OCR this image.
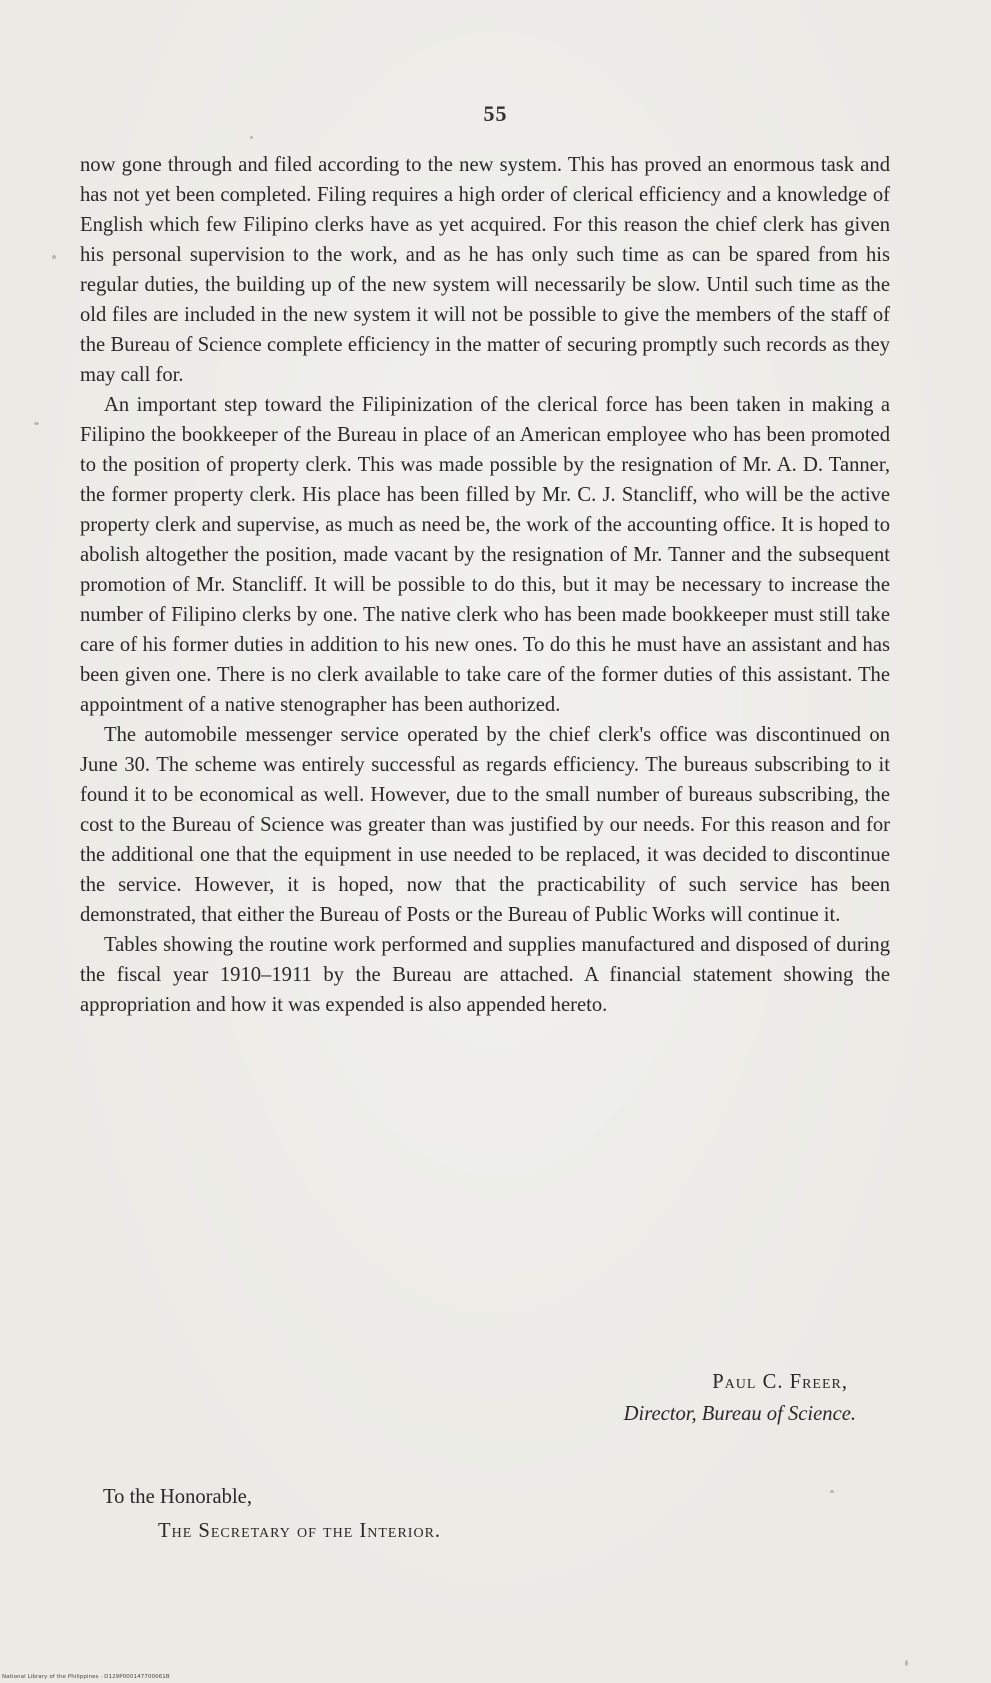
55

now gone through and filed according to the new system. This has proved an enormous task and has not yet been completed. Filing requires a high order of clerical efficiency and a knowledge of English which few Filipino clerks have as yet acquired. For this reason the chief clerk has given his personal supervision to the work, and as he has only such time as can be spared from his regular duties, the building up of the new system will necessarily be slow. Until such time as the old files are included in the new system it will not be possible to give the members of the staff of the Bureau of Science complete efficiency in the matter of securing promptly such records as they may call for.

An important step toward the Filipinization of the clerical force has been taken in making a Filipino the bookkeeper of the Bureau in place of an American employee who has been promoted to the position of property clerk. This was made possible by the resignation of Mr. A. D. Tanner, the former property clerk. His place has been filled by Mr. C. J. Stancliff, who will be the active property clerk and supervise, as much as need be, the work of the accounting office. It is hoped to abolish altogether the position, made vacant by the resignation of Mr. Tanner and the subsequent promotion of Mr. Stancliff. It will be possible to do this, but it may be necessary to increase the number of Filipino clerks by one. The native clerk who has been made bookkeeper must still take care of his former duties in addition to his new ones. To do this he must have an assistant and has been given one. There is no clerk available to take care of the former duties of this assistant. The appointment of a native stenographer has been authorized.

The automobile messenger service operated by the chief clerk's office was discontinued on June 30. The scheme was entirely successful as regards efficiency. The bureaus subscribing to it found it to be economical as well. However, due to the small number of bureaus subscribing, the cost to the Bureau of Science was greater than was justified by our needs. For this reason and for the additional one that the equipment in use needed to be replaced, it was decided to discontinue the service. However, it is hoped, now that the practicability of such service has been demonstrated, that either the Bureau of Posts or the Bureau of Public Works will continue it.

Tables showing the routine work performed and supplies manufactured and disposed of during the fiscal year 1910–1911 by the Bureau are attached. A financial statement showing the appropriation and how it was expended is also appended hereto.

Paul C. Freer,
Director, Bureau of Science.
To the Honorable,
The Secretary of the Interior.
National Library of the Philippines · D129P000147700061B
